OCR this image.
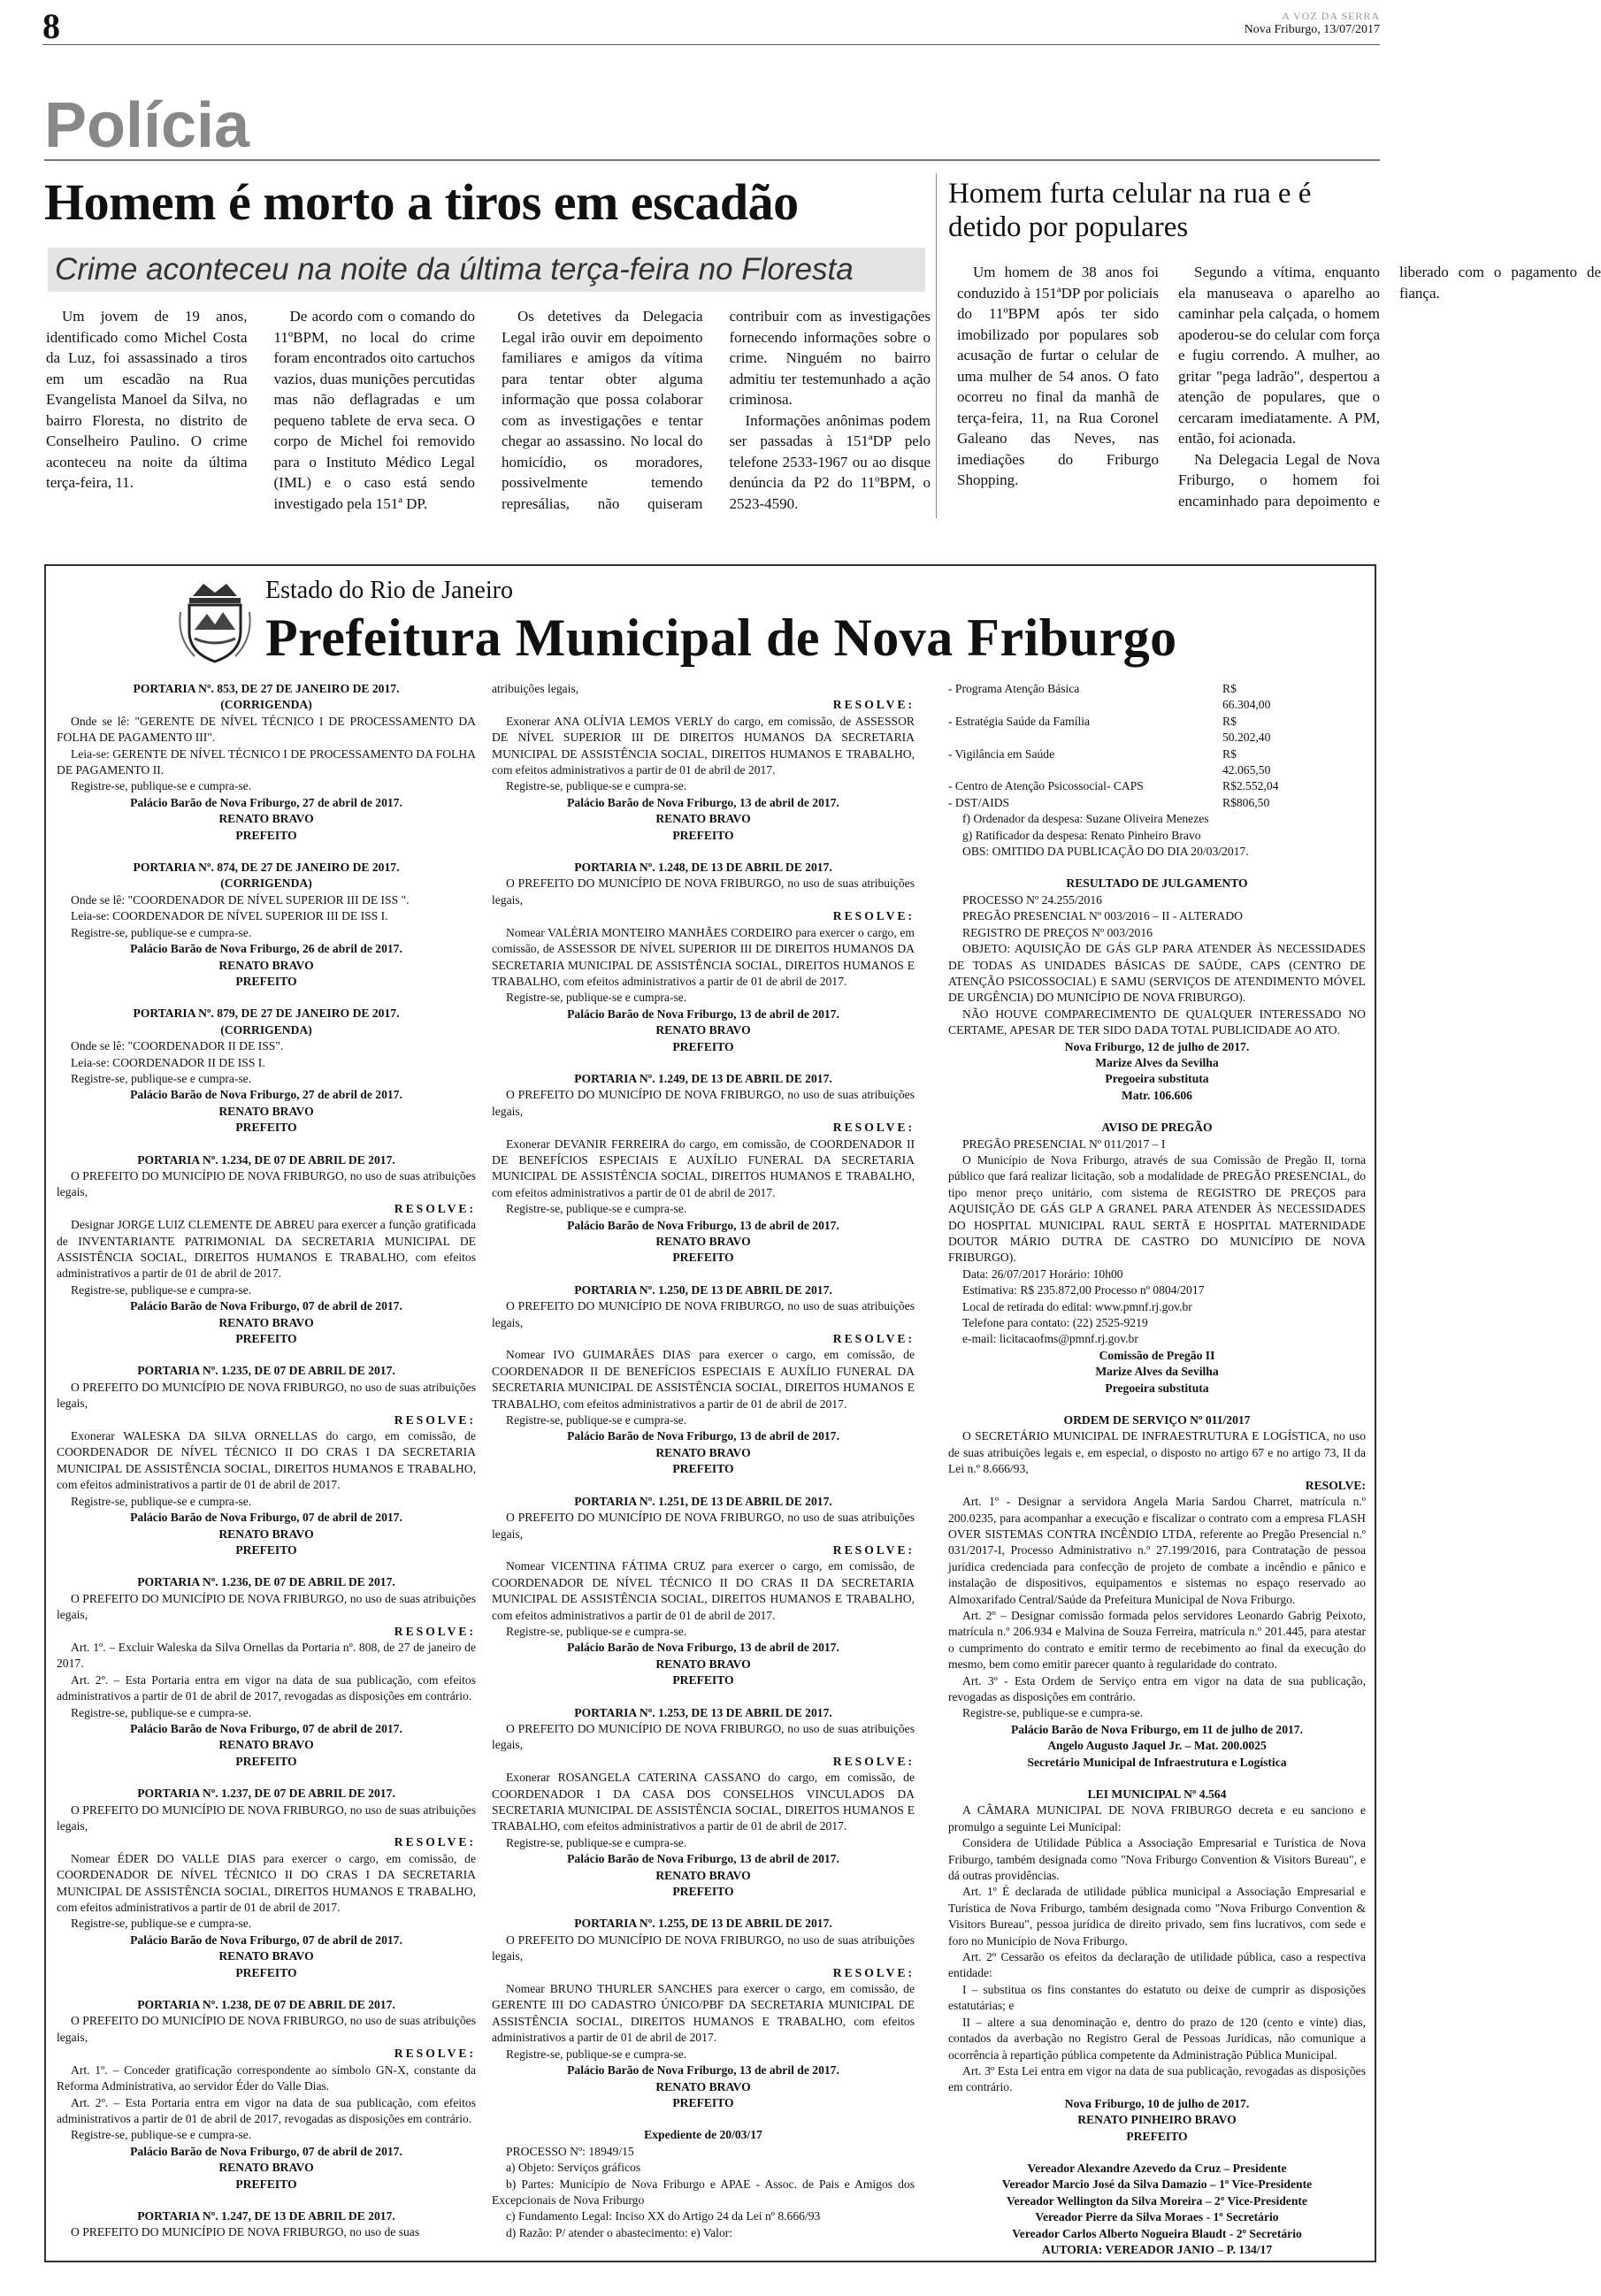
8	A VOZ DA SERRA
Nova Friburgo, 13/07/2017
Polícia
Homem é morto a tiros em escadão
Crime aconteceu na noite da última terça-feira no Floresta

Um jovem de 19 anos, identificado como Michel Costa da Luz, foi assassinado a tiros em um escadão na Rua Evangelista Manoel da Silva, no bairro Floresta, no distrito de Conselheiro Paulino. O crime aconteceu na noite da última terça-feira, 11.

De acordo com o comando do 11ºBPM, no local do crime foram encontrados oito cartuchos vazios, duas munições percutidas mas não deflagradas e um pequeno tablete de erva seca. O corpo de Michel foi removido para o Instituto Médico Legal (IML) e o caso está sendo investigado pela 151ª DP.

Os detetives da Delegacia Legal irão ouvir em depoimento familiares e amigos da vítima para tentar obter alguma informação que possa colaborar com as investigações e tentar chegar ao assassino. No local do homicídio, os moradores, possivelmente temendo represálias, não quiseram contribuir com as investigações fornecendo informações sobre o crime. Ninguém no bairro admitiu ter testemunhado a ação criminosa.

Informações anônimas podem ser passadas à 151ªDP pelo telefone 2533-1967 ou ao disque denúncia da P2 do 11ºBPM, o 2523-4590.

Homem furta celular na rua e é detido por populares

Um homem de 38 anos foi conduzido à 151ªDP por policiais do 11ºBPM após ter sido imobilizado por populares sob acusação de furtar o celular de uma mulher de 54 anos. O fato ocorreu no final da manhã de terça-feira, 11, na Rua Coronel Galeano das Neves, nas imediações do Friburgo Shopping.

Segundo a vítima, enquanto ela manuseava o aparelho ao caminhar pela calçada, o homem apoderou-se do celular com força e fugiu correndo. A mulher, ao gritar "pega ladrão", despertou a atenção de populares, que o cercaram imediatamente. A PM, então, foi acionada.

Na Delegacia Legal de Nova Friburgo, o homem foi encaminhado para depoimento e liberado com o pagamento de fiança.

Estado do Rio de Janeiro
Prefeitura Municipal de Nova Friburgo
PORTARIA Nº. 853, DE 27 DE JANEIRO DE 2017.
(CORRIGENDA)
Onde se lê: "GERENTE DE NÍVEL TÉCNICO I DE PROCESSAMENTO DA FOLHA DE PAGAMENTO III".
Leia-se: GERENTE DE NÍVEL TÉCNICO I DE PROCESSAMENTO DA FOLHA DE PAGAMENTO II.
Registre-se, publique-se e cumpra-se.
Palácio Barão de Nova Friburgo, 27 de abril de 2017.
RENATO BRAVO
PREFEITO
PORTARIA Nº. 874, DE 27 DE JANEIRO DE 2017.
(CORRIGENDA)
Onde se lê: "COORDENADOR DE NÍVEL SUPERIOR III DE ISS ".
Leia-se: COORDENADOR DE NÍVEL SUPERIOR III DE ISS I.
Registre-se, publique-se e cumpra-se.
Palácio Barão de Nova Friburgo, 26 de abril de 2017.
RENATO BRAVO
PREFEITO
PORTARIA Nº. 879, DE 27 DE JANEIRO DE 2017.
(CORRIGENDA)
Onde se lê: "COORDENADOR II DE ISS".
Leia-se: COORDENADOR II DE ISS I.
Registre-se, publique-se e cumpra-se.
Palácio Barão de Nova Friburgo, 27 de abril de 2017.
RENATO BRAVO
PREFEITO
PORTARIA Nº. 1.234, DE 07 DE ABRIL DE 2017.
O PREFEITO DO MUNICÍPIO DE NOVA FRIBURGO, no uso de suas atribuições legais,
RESOLVE:
Designar JORGE LUIZ CLEMENTE DE ABREU para exercer a função gratificada de INVENTARIANTE PATRIMONIAL DA SECRETARIA MUNICIPAL DE ASSISTÊNCIA SOCIAL, DIREITOS HUMANOS E TRABALHO, com efeitos administrativos a partir de 01 de abril de 2017.
Registre-se, publique-se e cumpra-se.
Palácio Barão de Nova Friburgo, 07 de abril de 2017.
RENATO BRAVO
PREFEITO
PORTARIA Nº. 1.235, DE 07 DE ABRIL DE 2017.
O PREFEITO DO MUNICÍPIO DE NOVA FRIBURGO, no uso de suas atribuições legais,
RESOLVE:
Exonerar WALESKA DA SILVA ORNELLAS do cargo, em comissão, de COORDENADOR DE NÍVEL TÉCNICO II DO CRAS I DA SECRETARIA MUNICIPAL DE ASSISTÊNCIA SOCIAL, DIREITOS HUMANOS E TRABALHO, com efeitos administrativos a partir de 01 de abril de 2017.
Registre-se, publique-se e cumpra-se.
Palácio Barão de Nova Friburgo, 07 de abril de 2017.
RENATO BRAVO
PREFEITO
PORTARIA Nº. 1.236, DE 07 DE ABRIL DE 2017.
O PREFEITO DO MUNICÍPIO DE NOVA FRIBURGO, no uso de suas atribuições legais,
RESOLVE:
Art. 1º. – Excluir Waleska da Silva Ornellas da Portaria nº. 808, de 27 de janeiro de 2017.
Art. 2º. – Esta Portaria entra em vigor na data de sua publicação, com efeitos administrativos a partir de 01 de abril de 2017, revogadas as disposições em contrário.
Registre-se, publique-se e cumpra-se.
Palácio Barão de Nova Friburgo, 07 de abril de 2017.
RENATO BRAVO
PREFEITO
PORTARIA Nº. 1.237, DE 07 DE ABRIL DE 2017.
O PREFEITO DO MUNICÍPIO DE NOVA FRIBURGO, no uso de suas atribuições legais,
RESOLVE:
Nomear ÉDER DO VALLE DIAS para exercer o cargo, em comissão, de COORDENADOR DE NÍVEL TÉCNICO II DO CRAS I DA SECRETARIA MUNICIPAL DE ASSISTÊNCIA SOCIAL, DIREITOS HUMANOS E TRABALHO, com efeitos administrativos a partir de 01 de abril de 2017.
Registre-se, publique-se e cumpra-se.
Palácio Barão de Nova Friburgo, 07 de abril de 2017.
RENATO BRAVO
PREFEITO
PORTARIA Nº. 1.238, DE 07 DE ABRIL DE 2017.
O PREFEITO DO MUNICÍPIO DE NOVA FRIBURGO, no uso de suas atribuições legais,
RESOLVE:
Art. 1º. – Conceder gratificação correspondente ao símbolo GN-X, constante da Reforma Administrativa, ao servidor Éder do Valle Dias.
Art. 2º. – Esta Portaria entra em vigor na data de sua publicação, com efeitos administrativos a partir de 01 de abril de 2017, revogadas as disposições em contrário.
Registre-se, publique-se e cumpra-se.
Palácio Barão de Nova Friburgo, 07 de abril de 2017.
RENATO BRAVO
PREFEITO
PORTARIA Nº. 1.247, DE 13 DE ABRIL DE 2017.
O PREFEITO DO MUNICÍPIO DE NOVA FRIBURGO, no uso de suas
atribuições legais,
RESOLVE:
Exonerar ANA OLÍVIA LEMOS VERLY do cargo, em comissão, de ASSESSOR DE NÍVEL SUPERIOR III DE DIREITOS HUMANOS DA SECRETARIA MUNICIPAL DE ASSISTÊNCIA SOCIAL, DIREITOS HUMANOS E TRABALHO, com efeitos administrativos a partir de 01 de abril de 2017.
Registre-se, publique-se e cumpra-se.
Palácio Barão de Nova Friburgo, 13 de abril de 2017.
RENATO BRAVO
PREFEITO
PORTARIA Nº. 1.248, DE 13 DE ABRIL DE 2017.
O PREFEITO DO MUNICÍPIO DE NOVA FRIBURGO, no uso de suas atribuições legais,
RESOLVE:
Nomear VALÉRIA MONTEIRO MANHÃES CORDEIRO para exercer o cargo, em comissão, de ASSESSOR DE NÍVEL SUPERIOR III DE DIREITOS HUMANOS DA SECRETARIA MUNICIPAL DE ASSISTÊNCIA SOCIAL, DIREITOS HUMANOS E TRABALHO, com efeitos administrativos a partir de 01 de abril de 2017.
Registre-se, publique-se e cumpra-se.
Palácio Barão de Nova Friburgo, 13 de abril de 2017.
RENATO BRAVO
PREFEITO
PORTARIA Nº. 1.249, DE 13 DE ABRIL DE 2017.
O PREFEITO DO MUNICÍPIO DE NOVA FRIBURGO, no uso de suas atribuições legais,
RESOLVE:
Exonerar DEVANIR FERREIRA do cargo, em comissão, de COORDENADOR II DE BENEFÍCIOS ESPECIAIS E AUXÍLIO FUNERAL DA SECRETARIA MUNICIPAL DE ASSISTÊNCIA SOCIAL, DIREITOS HUMANOS E TRABALHO, com efeitos administrativos a partir de 01 de abril de 2017.
Registre-se, publique-se e cumpra-se.
Palácio Barão de Nova Friburgo, 13 de abril de 2017.
RENATO BRAVO
PREFEITO
PORTARIA Nº. 1.250, DE 13 DE ABRIL DE 2017.
O PREFEITO DO MUNICÍPIO DE NOVA FRIBURGO, no uso de suas atribuições legais,
RESOLVE:
Nomear IVO GUIMARÃES DIAS para exercer o cargo, em comissão, de COORDENADOR II DE BENEFÍCIOS ESPECIAIS E AUXÍLIO FUNERAL DA SECRETARIA MUNICIPAL DE ASSISTÊNCIA SOCIAL, DIREITOS HUMANOS E TRABALHO, com efeitos administrativos a partir de 01 de abril de 2017.
Registre-se, publique-se e cumpra-se.
Palácio Barão de Nova Friburgo, 13 de abril de 2017.
RENATO BRAVO
PREFEITO
PORTARIA Nº. 1.251, DE 13 DE ABRIL DE 2017.
O PREFEITO DO MUNICÍPIO DE NOVA FRIBURGO, no uso de suas atribuições legais,
RESOLVE:
Nomear VICENTINA FÁTIMA CRUZ para exercer o cargo, em comissão, de COORDENADOR DE NÍVEL TÉCNICO II DO CRAS II DA SECRETARIA MUNICIPAL DE ASSISTÊNCIA SOCIAL, DIREITOS HUMANOS E TRABALHO, com efeitos administrativos a partir de 01 de abril de 2017.
Registre-se, publique-se e cumpra-se.
Palácio Barão de Nova Friburgo, 13 de abril de 2017.
RENATO BRAVO
PREFEITO
PORTARIA Nº. 1.253, DE 13 DE ABRIL DE 2017.
O PREFEITO DO MUNICÍPIO DE NOVA FRIBURGO, no uso de suas atribuições legais,
RESOLVE:
Exonerar ROSANGELA CATERINA CASSANO do cargo, em comissão, de COORDENADOR I DA CASA DOS CONSELHOS VINCULADOS DA SECRETARIA MUNICIPAL DE ASSISTÊNCIA SOCIAL, DIREITOS HUMANOS E TRABALHO, com efeitos administrativos a partir de 01 de abril de 2017.
Registre-se, publique-se e cumpra-se.
Palácio Barão de Nova Friburgo, 13 de abril de 2017.
RENATO BRAVO
PREFEITO
PORTARIA Nº. 1.255, DE 13 DE ABRIL DE 2017.
O PREFEITO DO MUNICÍPIO DE NOVA FRIBURGO, no uso de suas atribuições legais,
RESOLVE:
Nomear BRUNO THURLER SANCHES para exercer o cargo, em comissão, de GERENTE III DO CADASTRO ÚNICO/PBF DA SECRETARIA MUNICIPAL DE ASSISTÊNCIA SOCIAL, DIREITOS HUMANOS E TRABALHO, com efeitos administrativos a partir de 01 de abril de 2017.
Registre-se, publique-se e cumpra-se.
Palácio Barão de Nova Friburgo, 13 de abril de 2017.
RENATO BRAVO
PREFEITO
Expediente de 20/03/17
PROCESSO Nº: 18949/15
a) Objeto: Serviços gráficos
b) Partes: Município de Nova Friburgo e APAE - Assoc. de Pais e Amigos dos Excepcionais de Nova Friburgo
c) Fundamento Legal: Inciso XX do Artigo 24 da Lei nº 8.666/93
d) Razão: P/ atender o abastecimento: e) Valor:
- Programa Atenção Básica	R$ 66.304,00
- Estratégia Saúde da Família	R$ 50.202,40
- Vigilância em Saúde	R$ 42.065,50
- Centro de Atenção Psicossocial- CAPS	R$2.552,04
- DST/AIDS	R$806,50
f) Ordenador da despesa: Suzane Oliveira Menezes
g) Ratificador da despesa: Renato Pinheiro Bravo
OBS: OMITIDO DA PUBLICAÇÃO DO DIA 20/03/2017.
RESULTADO DE JULGAMENTO
PROCESSO Nº 24.255/2016
PREGÃO PRESENCIAL Nº 003/2016 – II - ALTERADO
REGISTRO DE PREÇOS Nº 003/2016
OBJETO: AQUISIÇÃO DE GÁS GLP PARA ATENDER ÀS NECESSIDADES DE TODAS AS UNIDADES BÁSICAS DE SAÚDE, CAPS (CENTRO DE ATENÇÃO PSICOSSOCIAL) E SAMU (SERVIÇOS DE ATENDIMENTO MÓVEL DE URGÊNCIA) DO MUNICÍPIO DE NOVA FRIBURGO).
NÃO HOUVE COMPARECIMENTO DE QUALQUER INTERESSADO NO CERTAME, APESAR DE TER SIDO DADA TOTAL PUBLICIDADE AO ATO.
Nova Friburgo, 12 de julho de 2017.
Marize Alves da Sevilha
Pregoeira substituta
Matr. 106.606
AVISO DE PREGÃO
PREGÃO PRESENCIAL Nº 011/2017 – I
O Município de Nova Friburgo, através de sua Comissão de Pregão II, torna público que fará realizar licitação, sob a modalidade de PREGÃO PRESENCIAL, do tipo menor preço unitário, com sistema de REGISTRO DE PREÇOS para AQUISIÇÃO DE GÁS GLP A GRANEL PARA ATENDER ÀS NECESSIDADES DO HOSPITAL MUNICIPAL RAUL SERTÃ E HOSPITAL MATERNIDADE DOUTOR MÁRIO DUTRA DE CASTRO DO MUNICÍPIO DE NOVA FRIBURGO).
Data: 26/07/2017 Horário: 10h00
Estimativa: R$ 235.872,00 Processo nº 0804/2017
Local de retirada do edital: www.pmnf.rj.gov.br
Telefone para contato: (22) 2525-9219
e-mail: licitacaofms@pmnf.rj.gov.br
Comissão de Pregão II
Marize Alves da Sevilha
Pregoeira substituta
ORDEM DE SERVIÇO Nº 011/2017
O SECRETÁRIO MUNICIPAL DE INFRAESTRUTURA E LOGÍSTICA, no uso de suas atribuições legais e, em especial, o disposto no artigo 67 e no artigo 73, II da Lei n.º 8.666/93,
RESOLVE:
Art. 1º - Designar a servidora Angela Maria Sardou Charret, matrícula n.º 200.0235, para acompanhar a execução e fiscalizar o contrato com a empresa FLASH OVER SISTEMAS CONTRA INCÊNDIO LTDA, referente ao Pregão Presencial n.º 031/2017-I, Processo Administrativo n.º 27.199/2016, para Contratação de pessoa jurídica credenciada para confecção de projeto de combate a incêndio e pânico e instalação de dispositivos, equipamentos e sistemas no espaço reservado ao Almoxarifado Central/Saúde da Prefeitura Municipal de Nova Friburgo.
Art. 2º – Designar comissão formada pelos servidores Leonardo Gabrig Peixoto, matrícula n.º 206.934 e Malvina de Souza Ferreira, matrícula n.º 201.445, para atestar o cumprimento do contrato e emitir termo de recebimento ao final da execução do mesmo, bem como emitir parecer quanto à regularidade do contrato.
Art. 3º - Esta Ordem de Serviço entra em vigor na data de sua publicação, revogadas as disposições em contrário.
Registre-se, publique-se e cumpra-se.
Palácio Barão de Nova Friburgo, em 11 de julho de 2017.
Angelo Augusto Jaquel Jr. – Mat. 200.0025
Secretário Municipal de Infraestrutura e Logística
LEI MUNICIPAL Nº 4.564
A CÂMARA MUNICIPAL DE NOVA FRIBURGO decreta e eu sanciono e promulgo a seguinte Lei Municipal:
Considera de Utilidade Pública a Associação Empresarial e Turística de Nova Friburgo, também designada como "Nova Friburgo Convention & Visitors Bureau", e dá outras providências.
Art. 1º É declarada de utilidade pública municipal a Associação Empresarial e Turística de Nova Friburgo, também designada como "Nova Friburgo Convention & Visitors Bureau", pessoa jurídica de direito privado, sem fins lucrativos, com sede e foro no Município de Nova Friburgo.
Art. 2º Cessarão os efeitos da declaração de utilidade pública, caso a respectiva entidade:
I – substitua os fins constantes do estatuto ou deixe de cumprir as disposições estatutárias; e
II – altere a sua denominação e, dentro do prazo de 120 (cento e vinte) dias, contados da averbação no Registro Geral de Pessoas Jurídicas, não comunique a ocorrência à repartição pública competente da Administração Pública Municipal.
Art. 3º Esta Lei entra em vigor na data de sua publicação, revogadas as disposições em contrário.
Nova Friburgo, 10 de julho de 2017.
RENATO PINHEIRO BRAVO
PREFEITO
Vereador Alexandre Azevedo da Cruz – Presidente
Vereador Marcio José da Silva Damazio – 1º Vice-Presidente
Vereador Wellington da Silva Moreira – 2º Vice-Presidente
Vereador Pierre da Silva Moraes - 1º Secretário
Vereador Carlos Alberto Nogueira Blaudt - 2º Secretário
AUTORIA: VEREADOR JANIO – P. 134/17
